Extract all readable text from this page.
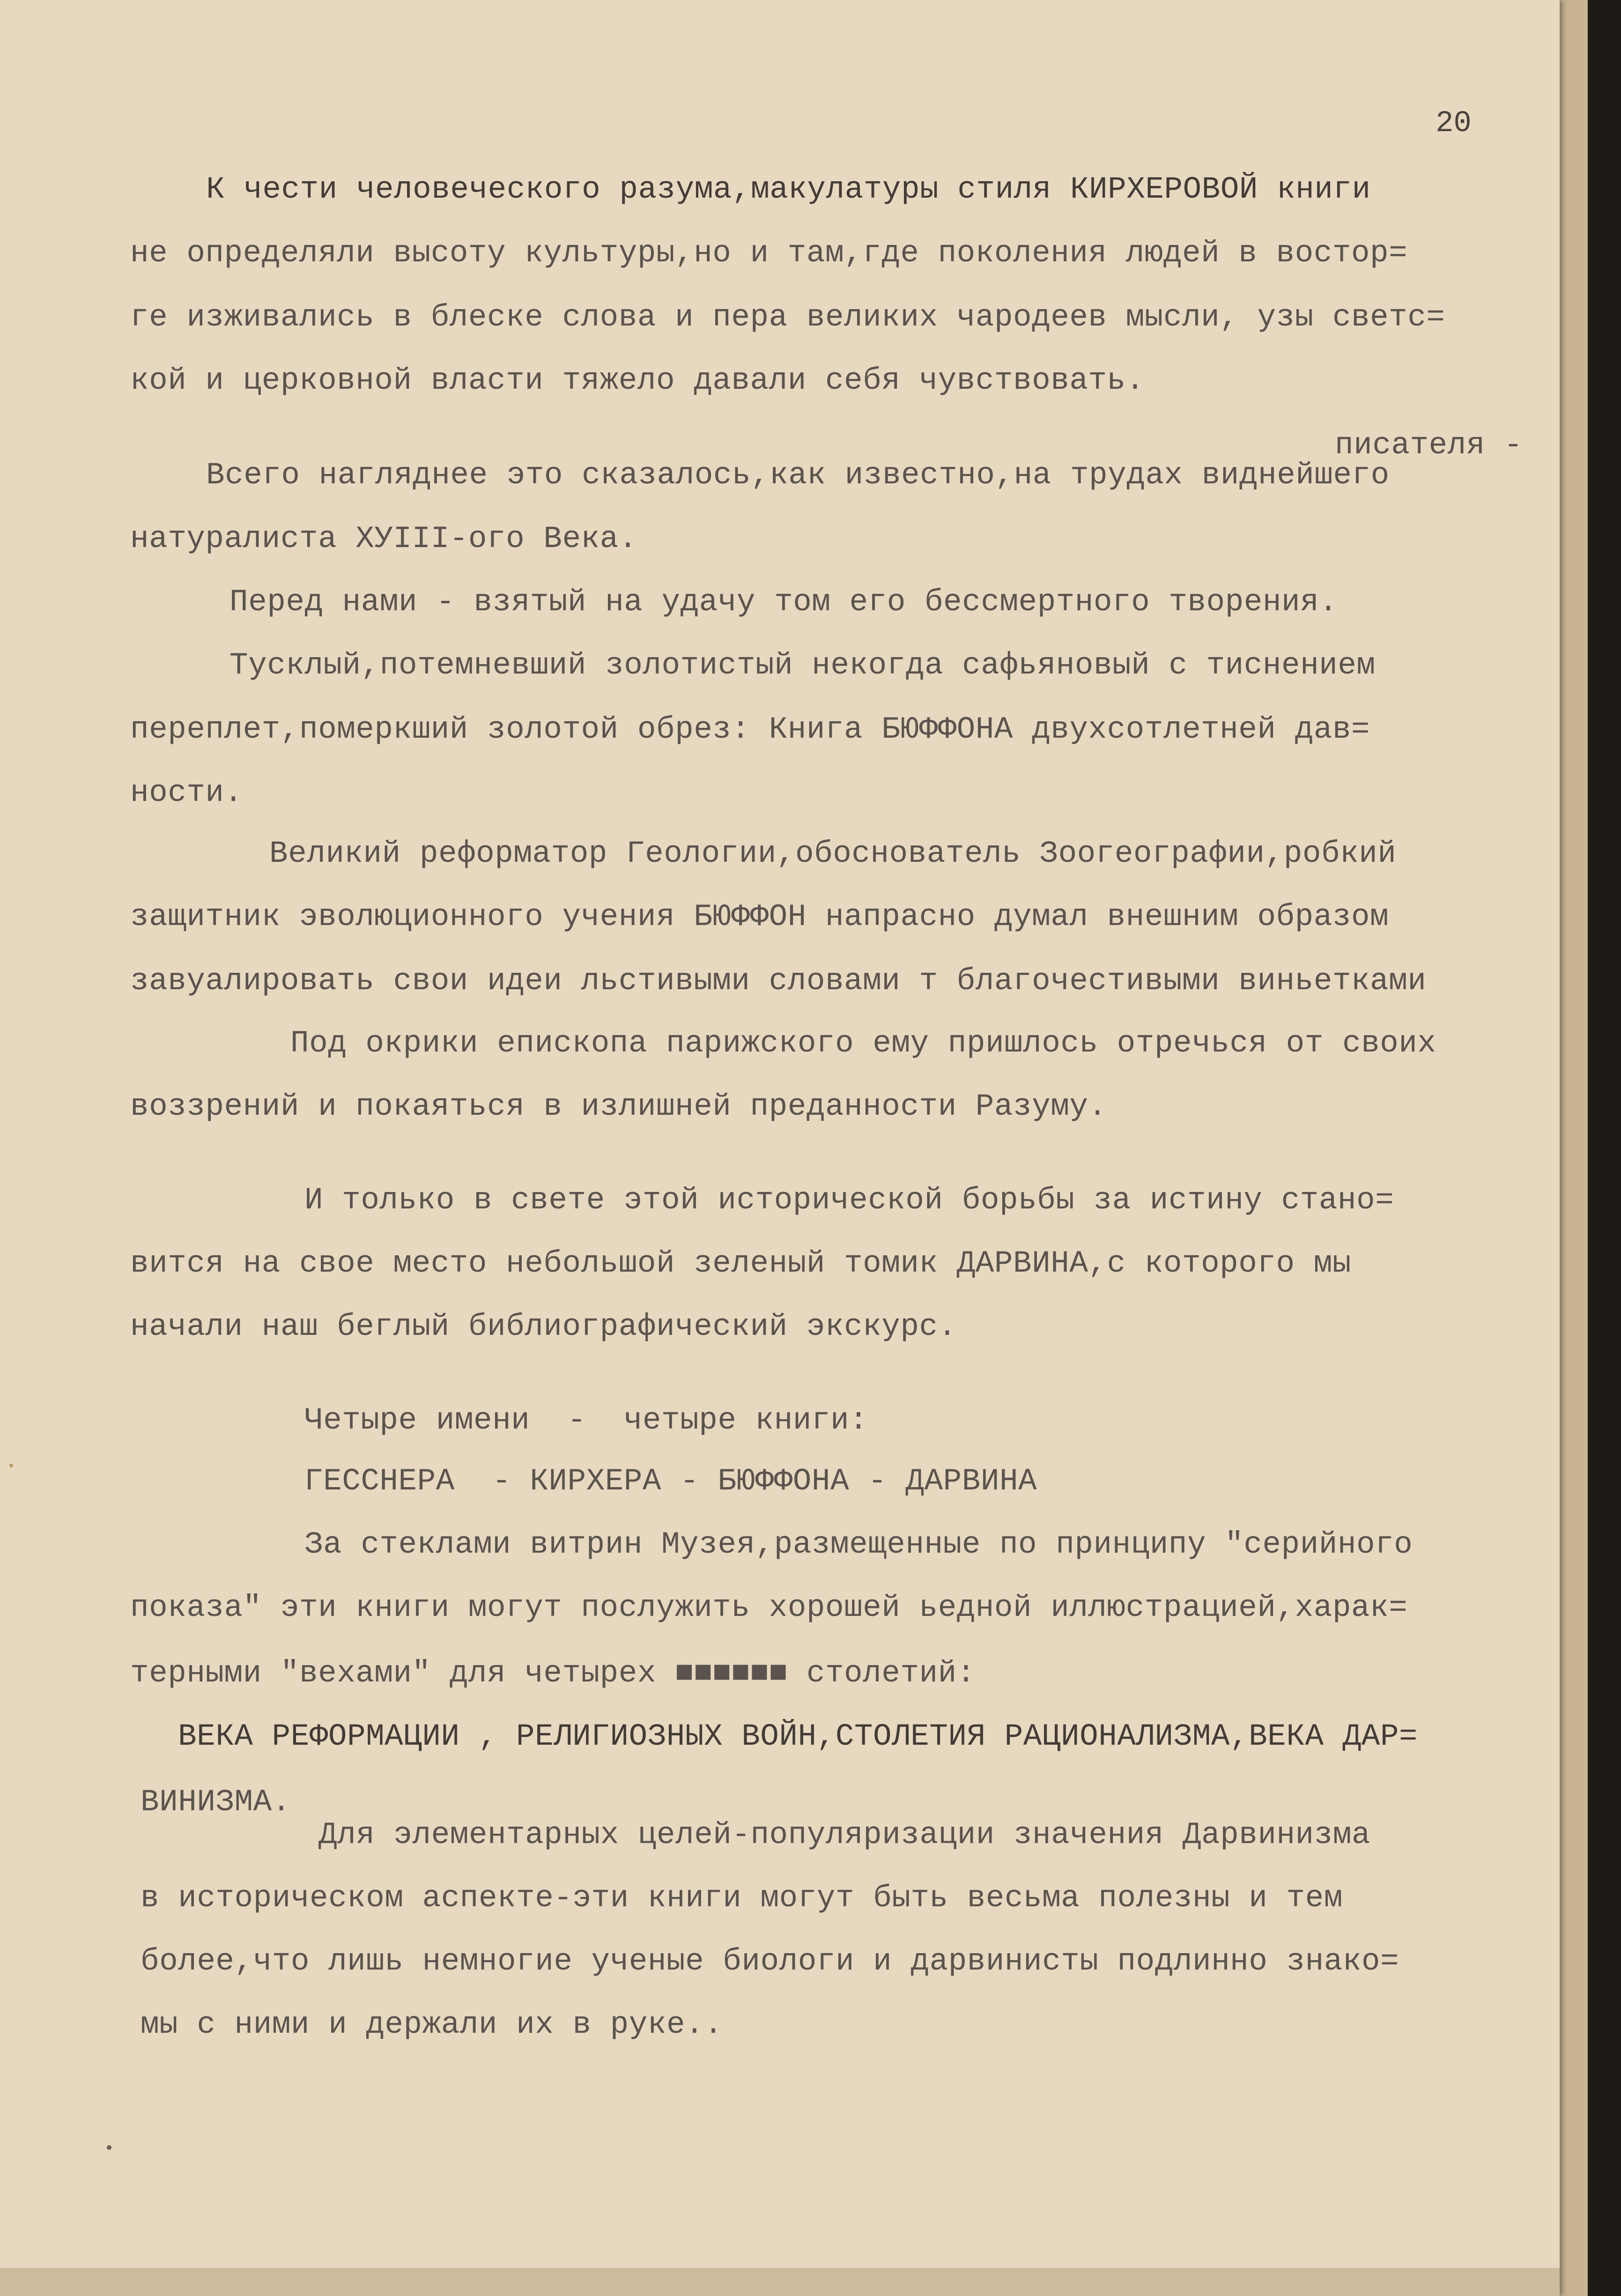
20

К чести человеческого разума,макулатуры стиля КИРХЕРОВОЙ книги

не определяли высоту культуры,но и там,где поколения людей в востор=

ге изживались в блеске слова и пера великих чародеев мысли, узы светс=

кой и церковной власти тяжело давали себя чувствовать.

писателя -

Всего нагляднее это сказалось,как известно,на трудах виднейшего

натуралиста XУIII-ого Века.

Перед нами - взятый на удачу том его бессмертного творения.

Тусклый,потемневший золотистый некогда сафьяновый с тиснением

переплет,померкший золотой обрез: Книга БЮФФОНА двухсотлетней дав=

ности.

Великий реформатор Геологии,обоснователь Зоогеографии,робкий

защитник эволюционного учения БЮФФОН напрасно думал внешним образом

завуалировать свои идеи льстивыми словами т благочестивыми виньетками

Под окрики епископа парижского ему пришлось отречься от своих

воззрений и покаяться в излишней преданности Разуму.

И только в свете этой исторической борьбы за истину стано=

вится на свое место небольшой зеленый томик ДАРВИНА,с которого мы

начали наш беглый библиографический экскурс.

Четыре имени  -  четыре книги:

ГЕССНЕРА  - КИРХЕРА - БЮФФОНА - ДАРВИНА

За стеклами витрин Музея,размещенные по принципу "серийного

показа" эти книги могут послужить хорошей ьедной иллюстрацией,харак=

терными "вехами" для четырех ■■■■■■ столетий:

ВЕКА РЕФОРМАЦИИ , РЕЛИГИОЗНЫХ ВОЙН,СТОЛЕТИЯ РАЦИОНАЛИЗМА,ВЕКА ДАР=

ВИНИЗМА.

Для элементарных целей-популяризации значения Дарвинизма

в историческом аспекте-эти книги могут быть весьма полезны и тем

более,что лишь немногие ученые биологи и дарвинисты подлинно знако=

мы с ними и держали их в руке..
